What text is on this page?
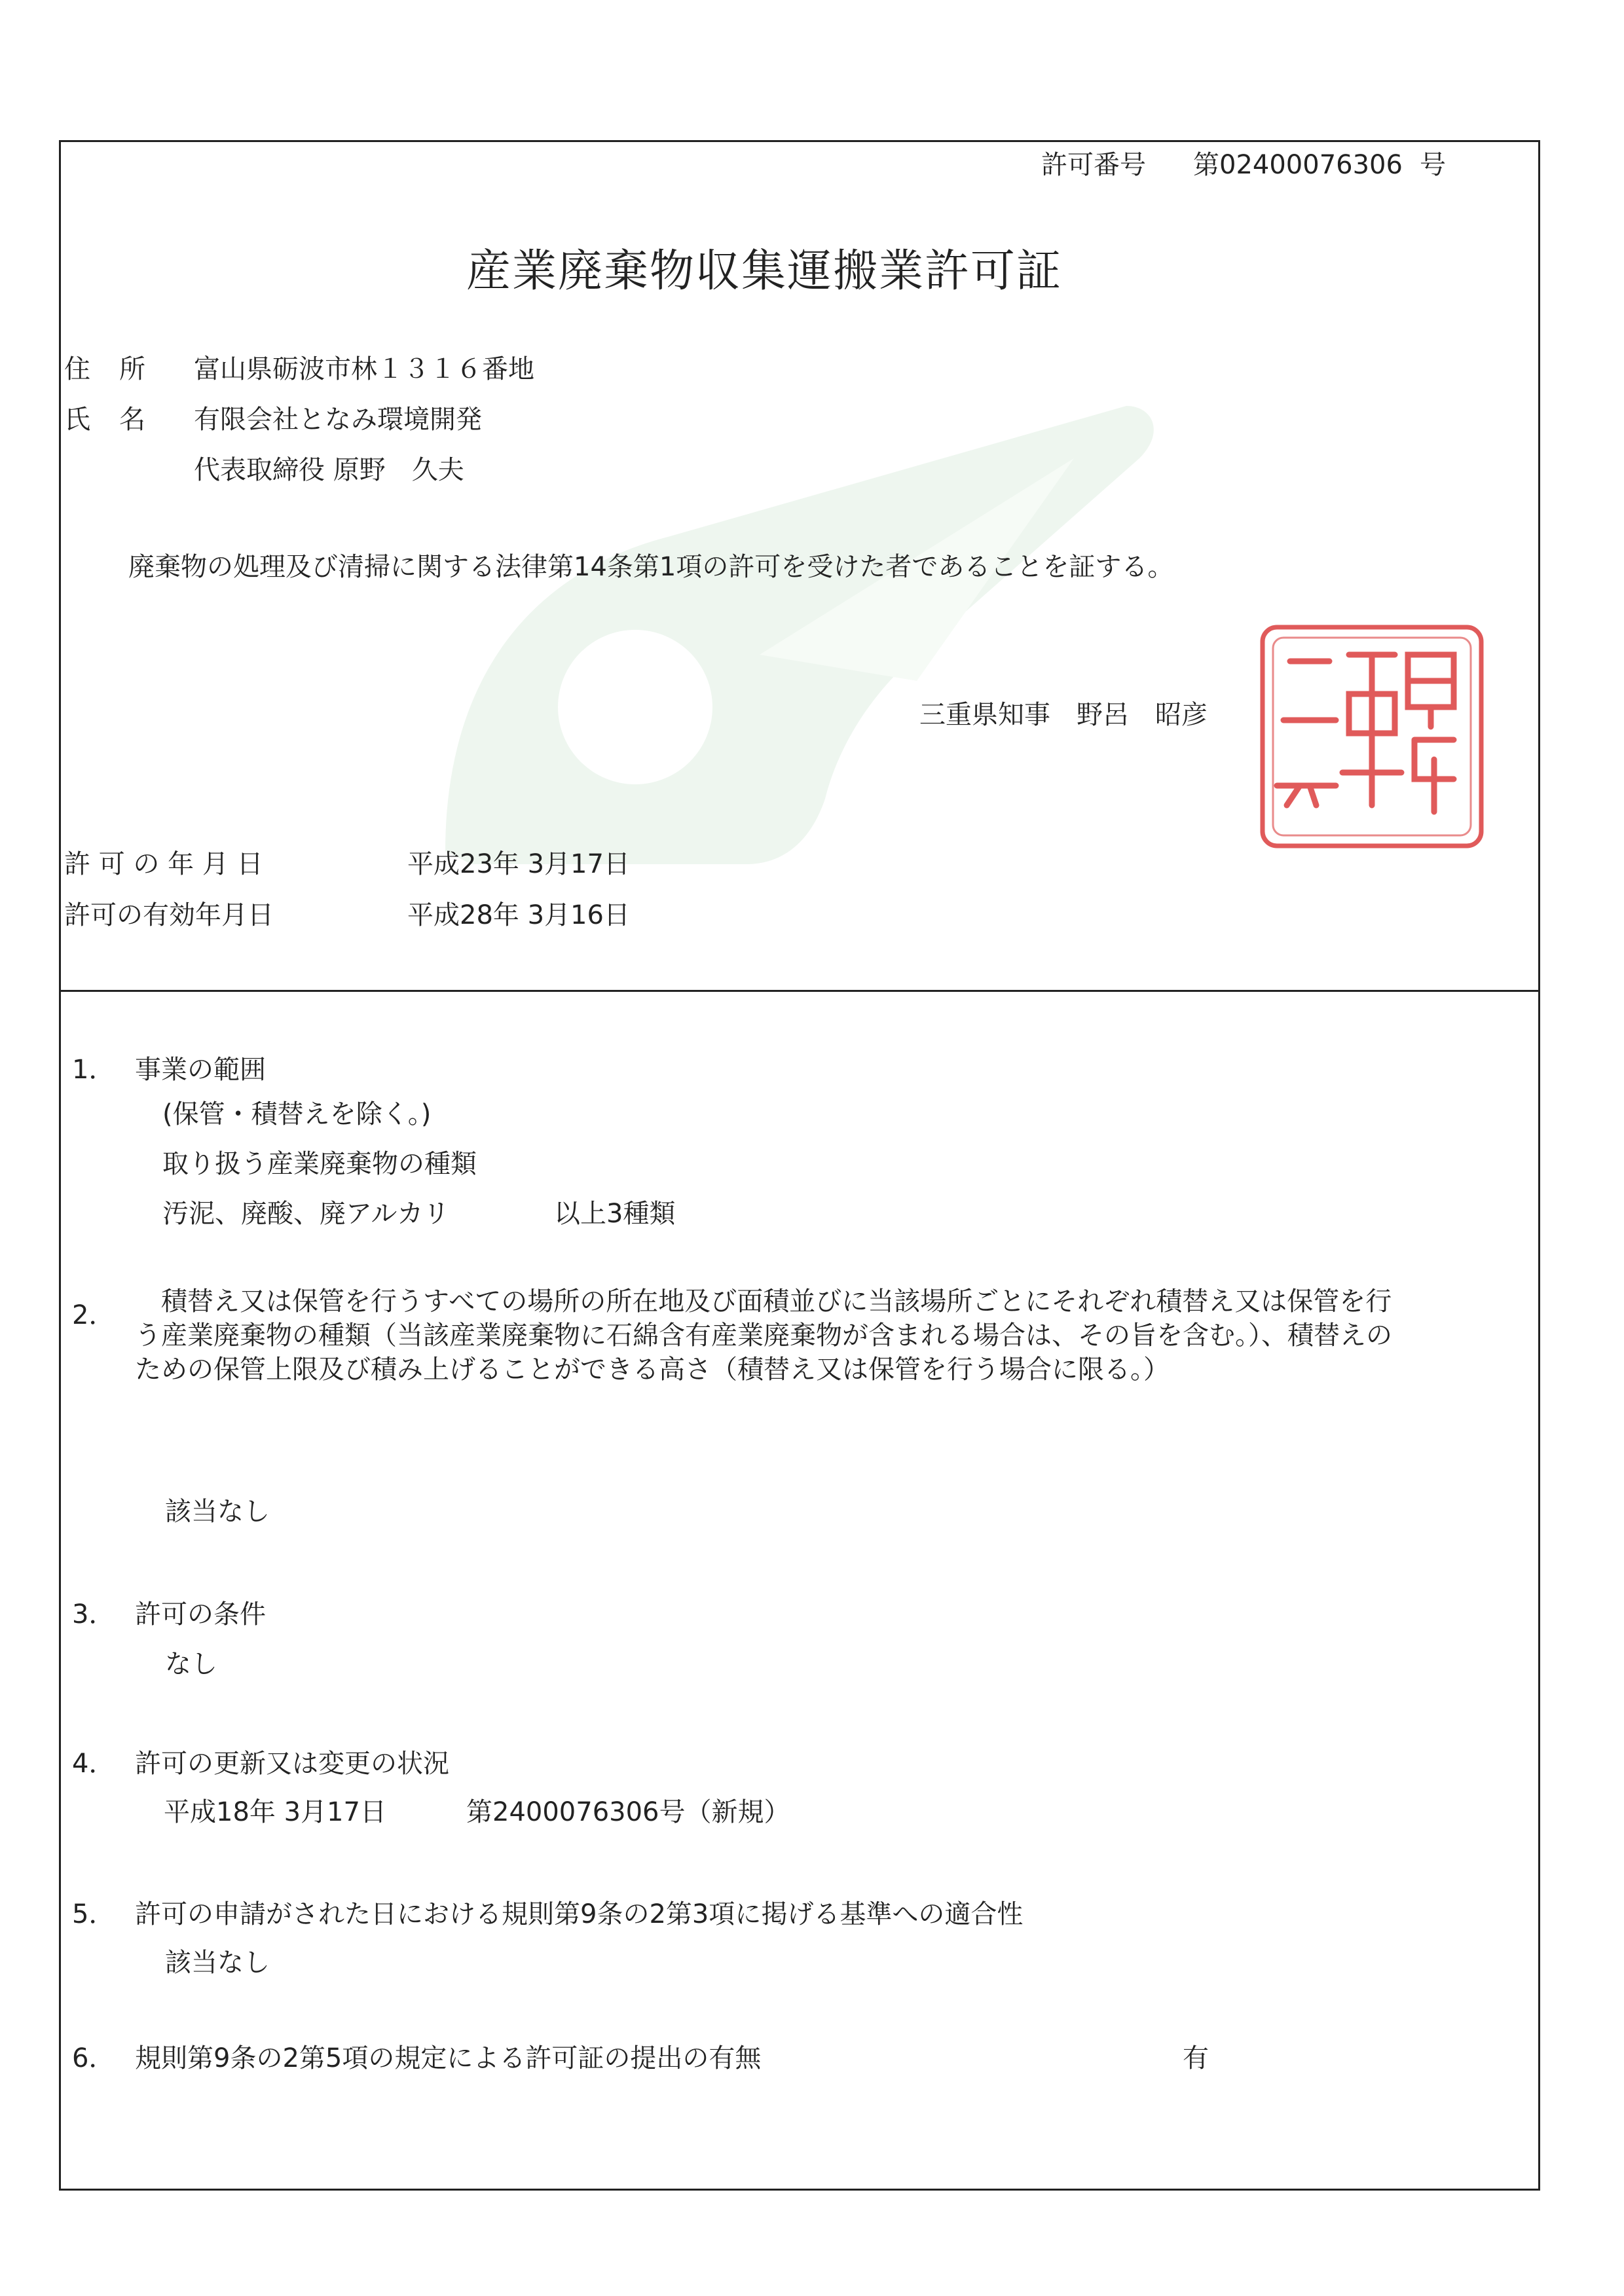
許可番号 第02400076306 号
産業廃棄物収集運搬業許可証
住 所 富山県砺波市林１３１６番地
氏 名 有限会社となみ環境開発
代表取締役 原野　久夫
廃棄物の処理及び清掃に関する法律第14条第1項の許可を受けた者であることを証する。
三重県知事　野呂　昭彦
許 可 の 年 月 日	平成23年 3月17日
許可の有効年月日	平成28年 3月16日
1． 事業の範囲
(保管・積替えを除く。)
取り扱う産業廃棄物の種類
汚泥、廃酸、廃アルカリ	以上3種類
2． 　積替え又は保管を行うすべての場所の所在地及び面積並びに当該場所ごとにそれぞれ積替え又は保管を行う産業廃棄物の種類（当該産業廃棄物に石綿含有産業廃棄物が含まれる場合は、その旨を含む。）、積替えのための保管上限及び積み上げることができる高さ（積替え又は保管を行う場合に限る。）
該当なし
3． 許可の条件
なし
4． 許可の更新又は変更の状況
平成18年 3月17日	第2400076306号（新規）
5． 許可の申請がされた日における規則第9条の2第3項に掲げる基準への適合性
該当なし
6． 規則第9条の2第5項の規定による許可証の提出の有無	有
